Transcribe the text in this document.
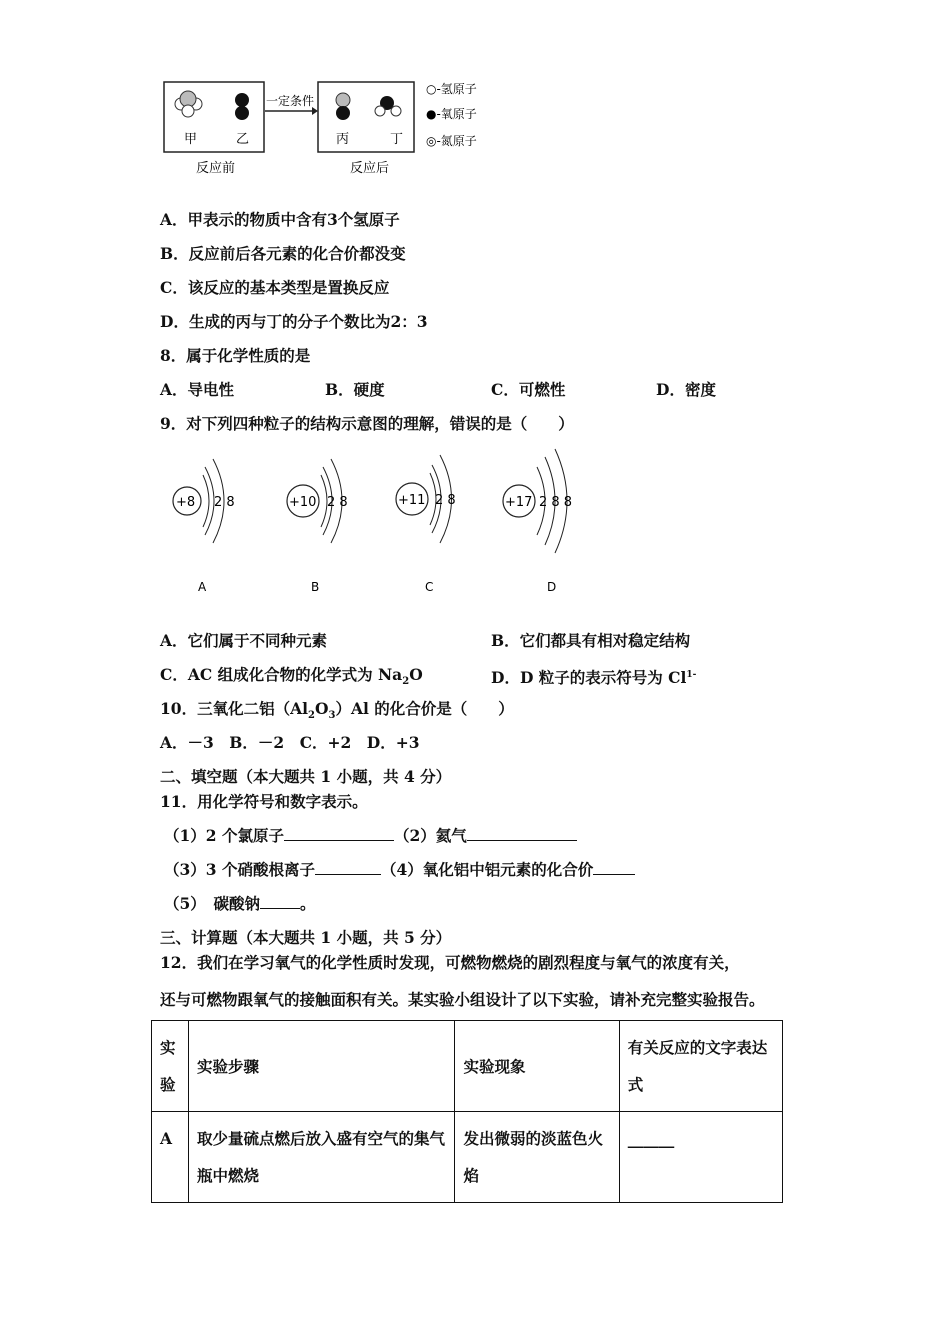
甲	乙
反应前
一定条件
丙	丁
反应后
○-氢原子
●-氧原子
◎-氮原子
A．甲表示的物质中含有3个氢原子
B．反应前后各元素的化合价都没变
C．该反应的基本类型是置换反应
D．生成的丙与丁的分子个数比为2：3
8．属于化学性质的是
A．导电性	B．硬度	C．可燃性	D．密度
9．对下列四种粒子的结构示意图的理解，错误的是（　　）
+8 2 8
A
+10 2 8
B
+11 2 8
C
+17 2 8 8
D
A．它们属于不同种元素	B．它们都具有相对稳定结构
C．AC 组成化合物的化学式为 $Na_2O$	D．D 粒子的表示符号为 $Cl^{1-}$
10．三氧化二铝$(Al_2O_3)Al$ 的化合价是（　　）
A．－3　B．－2　C．+2　D．+3
二、填空题（本大题共 1 小题，共 4 分）
11．用化学符号和数字表示。
（1）2 个氯原子	（2）氦气
（3）3 个硝酸根离子	（4）氧化铝中铝元素的化合价
（5）　碳酸钠	。
三、计算题（本大题共 1 小题，共 5 分）
12．我们在学习氧气的化学性质时发现，可燃物燃烧的剧烈程度与氧气的浓度有关，
还与可燃物跟氧气的接触面积有关。某实验小组设计了以下实验，请补充完整实验报告。
实验	实验步骤	实验现象	有关反应的文字表达式
A	取少量硫点燃后放入盛有空气的集气瓶中燃烧	发出微弱的淡蓝色火焰	______
